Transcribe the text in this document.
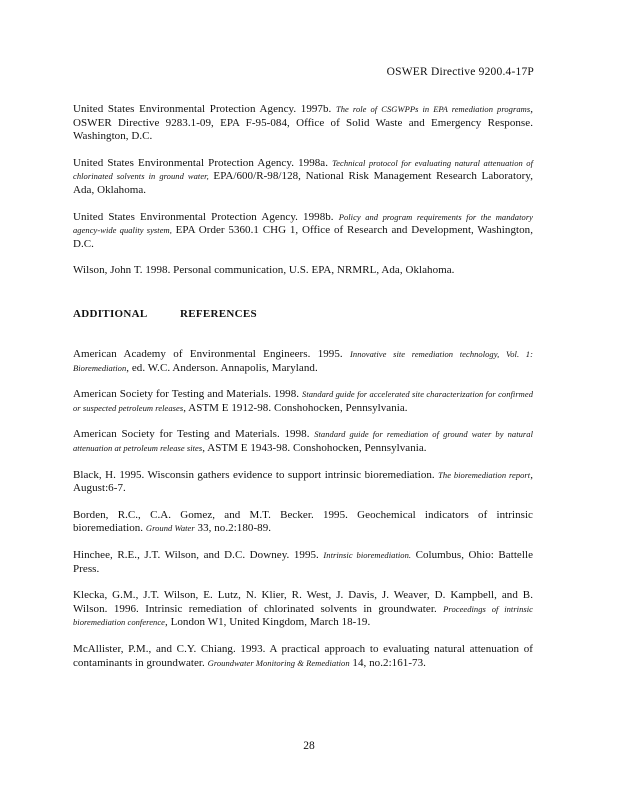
OSWER Directive 9200.4-17P

United States Environmental Protection Agency. 1997b. The role of CSGWPPs in EPA remediation programs, OSWER Directive 9283.1-09, EPA F-95-084, Office of Solid Waste and Emergency Response. Washington, D.C.

United States Environmental Protection Agency. 1998a. Technical protocol for evaluating natural attenuation of chlorinated solvents in ground water, EPA/600/R-98/128, National Risk Management Research Laboratory, Ada, Oklahoma.

United States Environmental Protection Agency. 1998b. Policy and program requirements for the mandatory agency-wide quality system, EPA Order 5360.1 CHG 1, Office of Research and Development, Washington, D.C.

Wilson, John T. 1998. Personal communication, U.S. EPA, NRMRL, Ada, Oklahoma.

ADDITIONAL REFERENCES

American Academy of Environmental Engineers. 1995. Innovative site remediation technology, Vol. 1: Bioremediation, ed. W.C. Anderson. Annapolis, Maryland.

American Society for Testing and Materials. 1998. Standard guide for accelerated site characterization for confirmed or suspected petroleum releases, ASTM E 1912-98. Conshohocken, Pennsylvania.

American Society for Testing and Materials. 1998. Standard guide for remediation of ground water by natural attenuation at petroleum release sites, ASTM E 1943-98. Conshohocken, Pennsylvania.

Black, H. 1995. Wisconsin gathers evidence to support intrinsic bioremediation. The bioremediation report, August:6-7.

Borden, R.C., C.A. Gomez, and M.T. Becker. 1995. Geochemical indicators of intrinsic bioremediation. Ground Water 33, no.2:180-89.

Hinchee, R.E., J.T. Wilson, and D.C. Downey. 1995. Intrinsic bioremediation. Columbus, Ohio: Battelle Press.

Klecka, G.M., J.T. Wilson, E. Lutz, N. Klier, R. West, J. Davis, J. Weaver, D. Kampbell, and B. Wilson. 1996. Intrinsic remediation of chlorinated solvents in groundwater. Proceedings of intrinsic bioremediation conference, London W1, United Kingdom, March 18-19.

McAllister, P.M., and C.Y. Chiang. 1993. A practical approach to evaluating natural attenuation of contaminants in groundwater. Groundwater Monitoring & Remediation 14, no.2:161-73.

28
